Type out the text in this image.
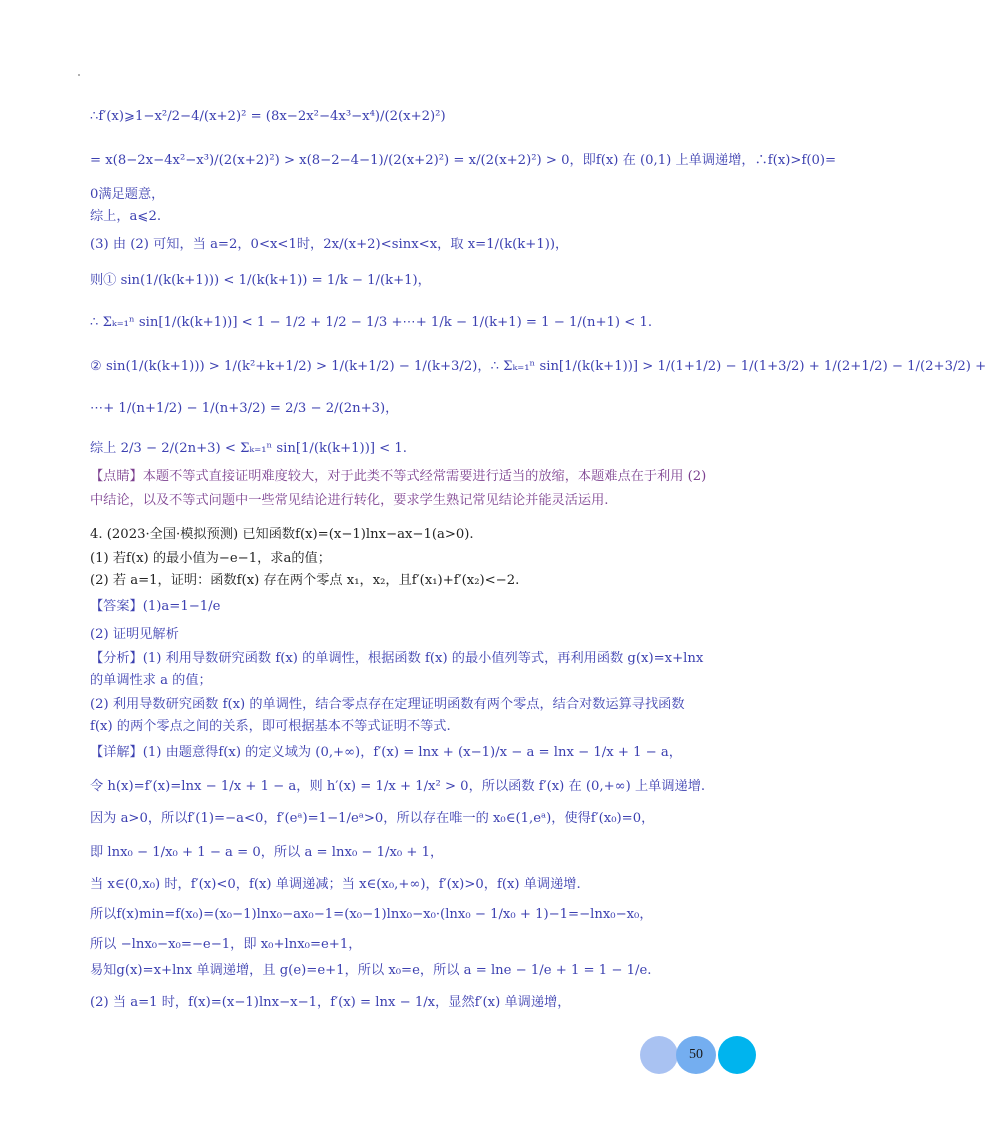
∴f′(x)⩾1−x²/2−4/(x+2)² = (8x−2x²−4x³−x⁴)/(2(x+2)²)
= x(8−2x−4x²−x³)/(2(x+2)²) > x(8−2−4−1)/(2(x+2)²) = x/(2(x+2)²) > 0，即f(x) 在 (0,1) 上单调递增，∴f(x)>f(0)=
0满足题意，
综上，a⩽2.
(3) 由 (2) 可知，当 a=2，0<x<1时，2x/(x+2)<sinx<x，取 x=1/(k(k+1))，
则① sin(1/(k(k+1))) < 1/(k(k+1)) = 1/k − 1/(k+1)，
∴ Σₖ₌₁ⁿ sin[1/(k(k+1))] < 1 − 1/2 + 1/2 − 1/3 +⋯+ 1/k − 1/(k+1) = 1 − 1/(n+1) < 1.
② sin(1/(k(k+1))) > 1/(k²+k+1/2) > 1/(k+1/2) − 1/(k+3/2)，∴ Σₖ₌₁ⁿ sin[1/(k(k+1))] > 1/(1+1/2) − 1/(1+3/2) + 1/(2+1/2) − 1/(2+3/2) +
⋯+ 1/(n+1/2) − 1/(n+3/2) = 2/3 − 2/(2n+3)，
综上 2/3 − 2/(2n+3) < Σₖ₌₁ⁿ sin[1/(k(k+1))] < 1.
【点睛】本题不等式直接证明难度较大，对于此类不等式经常需要进行适当的放缩，本题难点在于利用 (2)
中结论，以及不等式问题中一些常见结论进行转化，要求学生熟记常见结论并能灵活运用.
4. (2023·全国·模拟预测) 已知函数f(x)=(x−1)lnx−ax−1(a>0).
(1) 若f(x) 的最小值为−e−1，求a的值；
(2) 若 a=1，证明：函数f(x) 存在两个零点 x₁，x₂，且f′(x₁)+f′(x₂)<−2.
【答案】(1)a=1−1/e
(2) 证明见解析
【分析】(1) 利用导数研究函数 f(x) 的单调性，根据函数 f(x) 的最小值列等式，再利用函数 g(x)=x+lnx
的单调性求 a 的值；
(2) 利用导数研究函数 f(x) 的单调性，结合零点存在定理证明函数有两个零点，结合对数运算寻找函数
f(x) 的两个零点之间的关系，即可根据基本不等式证明不等式.
【详解】(1) 由题意得f(x) 的定义域为 (0,+∞)，f′(x) = lnx + (x−1)/x − a = lnx − 1/x + 1 − a，
令 h(x)=f′(x)=lnx − 1/x + 1 − a，则 h′(x) = 1/x + 1/x² > 0，所以函数 f′(x) 在 (0,+∞) 上单调递增.
因为 a>0，所以f′(1)=−a<0，f′(eᵃ)=1−1/eᵃ>0，所以存在唯一的 x₀∈(1,eᵃ)，使得f′(x₀)=0，
即 lnx₀ − 1/x₀ + 1 − a = 0，所以 a = lnx₀ − 1/x₀ + 1，
当 x∈(0,x₀) 时，f′(x)<0，f(x) 单调递减；当 x∈(x₀,+∞)，f′(x)>0，f(x) 单调递增.
所以f(x)min=f(x₀)=(x₀−1)lnx₀−ax₀−1=(x₀−1)lnx₀−x₀·(lnx₀ − 1/x₀ + 1)−1=−lnx₀−x₀，
所以 −lnx₀−x₀=−e−1，即 x₀+lnx₀=e+1，
易知g(x)=x+lnx 单调递增，且 g(e)=e+1，所以 x₀=e，所以 a = lne − 1/e + 1 = 1 − 1/e.
(2) 当 a=1 时，f(x)=(x−1)lnx−x−1，f′(x) = lnx − 1/x，显然f′(x) 单调递增，
50
